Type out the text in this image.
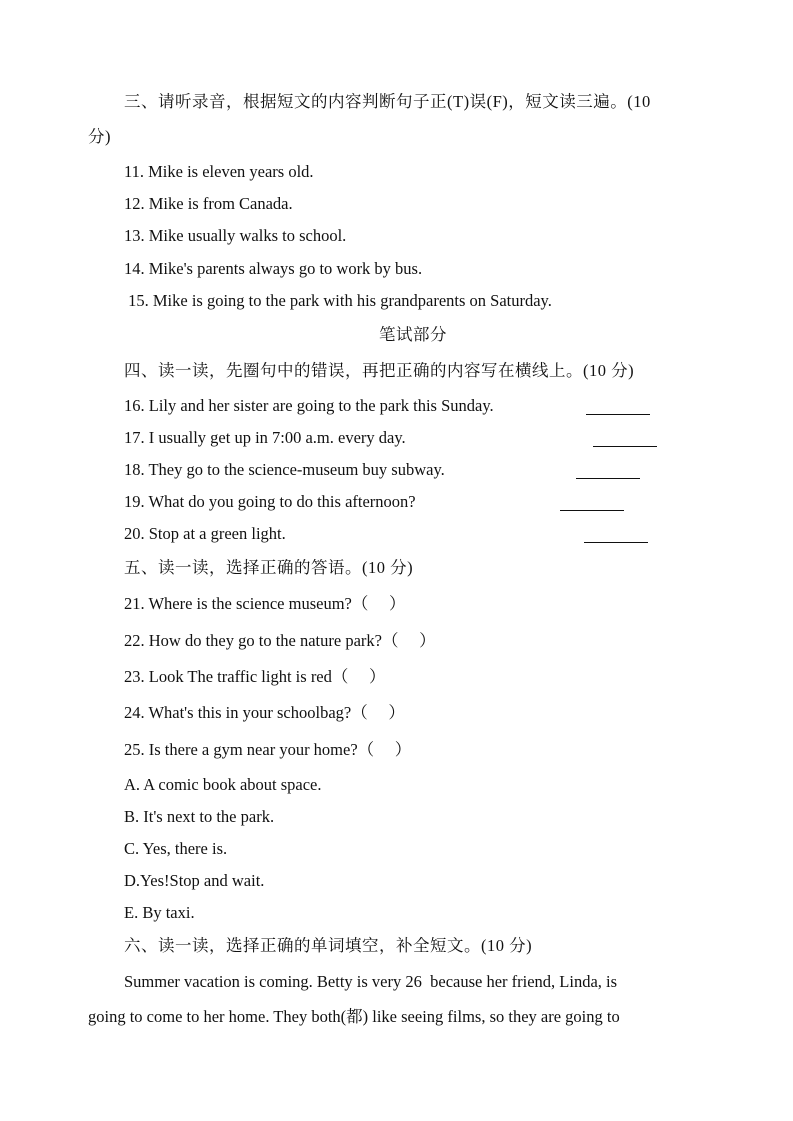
三、请听录音，根据短文的内容判断句子正(T)误(F)，短文读三遍。(10
分)
11. Mike is eleven years old.
12. Mike is from Canada.
13. Mike usually walks to school.
14. Mike's parents always go to work by bus.
15. Mike is going to the park with his grandparents on Saturday.
笔试部分
四、读一读，先圈句中的错误，再把正确的内容写在横线上。(10 分)
16. Lily and her sister are going to the park this Sunday.
17. I usually get up in 7:00 a.m. every day.
18. They go to the science-museum buy subway.
19. What do you going to do this afternoon?
20. Stop at a green light.
五、读一读，选择正确的答语。(10 分)
21. Where is the science museum?（　 ）
22. How do they go to the nature park?（　 ）
23. Look The traffic light is red（　 ）
24. What's this in your schoolbag?（　 ）
25. Is there a gym near your home?（　 ）
A. A comic book about space.
B. It's next to the park.
C. Yes, there is.
D.Yes!Stop and wait.
E. By taxi.
六、读一读，选择正确的单词填空，补全短文。(10 分)
Summer vacation is coming. Betty is very 26  because her friend, Linda, is
going to come to her home. They both(都) like seeing films, so they are going to
